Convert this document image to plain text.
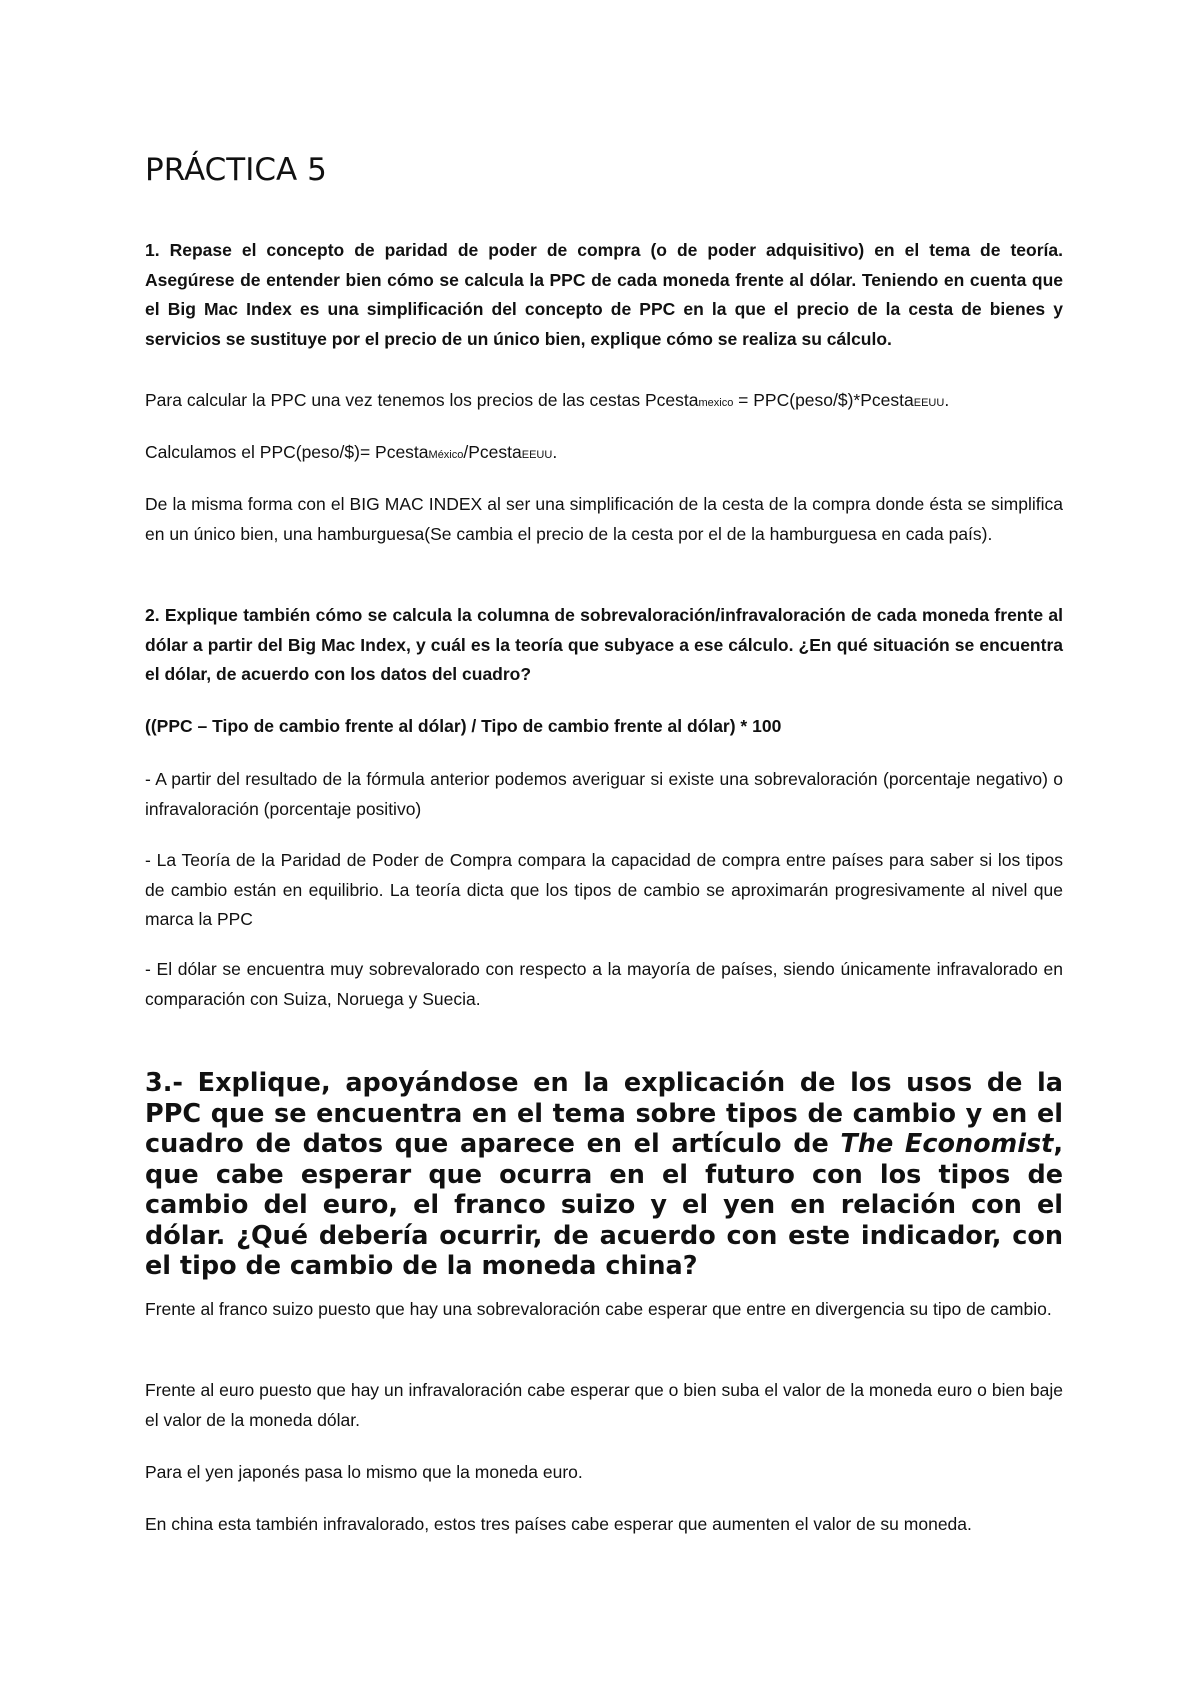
PRÁCTICA 5

1. Repase el concepto de paridad de poder de compra (o de poder adquisitivo) en el tema de teoría. Asegúrese de entender bien cómo se calcula la PPC de cada moneda frente al dólar. Teniendo en cuenta que el Big Mac Index es una simplificación del concepto de PPC en la que el precio de la cesta de bienes y servicios se sustituye por el precio de un único bien, explique cómo se realiza su cálculo.

Para calcular la PPC una vez tenemos los precios de las cestas Pcestamexico = PPC(peso/$)*PcestaEEUU.

Calculamos el PPC(peso/$)= PcestaMéxico/PcestaEEUU.

De la misma forma con el BIG MAC INDEX al ser una simplificación de la cesta de la compra donde ésta se simplifica en un único bien, una hamburguesa(Se cambia el precio de la cesta por el de la hamburguesa en cada país).

2. Explique también cómo se calcula la columna de sobrevaloración/infravaloración de cada moneda frente al dólar a partir del Big Mac Index, y cuál es la teoría que subyace a ese cálculo. ¿En qué situación se encuentra el dólar, de acuerdo con los datos del cuadro?

((PPC – Tipo de cambio frente al dólar) / Tipo de cambio frente al dólar) * 100

- A partir del resultado de la fórmula anterior podemos averiguar si existe una sobrevaloración (porcentaje negativo) o infravaloración (porcentaje positivo)

- La Teoría de la Paridad de Poder de Compra compara la capacidad de compra entre países para saber si los tipos de cambio están en equilibrio. La teoría dicta que los tipos de cambio se aproximarán progresivamente al nivel que marca la PPC

- El dólar se encuentra muy sobrevalorado con respecto a la mayoría de países, siendo únicamente infravalorado en comparación con Suiza, Noruega y Suecia.

3.- Explique, apoyándose en la explicación de los usos de la PPC que se encuentra en el tema sobre tipos de cambio y en el cuadro de datos que aparece en el artículo de The Economist, que cabe esperar que ocurra en el futuro con los tipos de cambio del euro, el franco suizo y el yen en relación con el dólar. ¿Qué debería ocurrir, de acuerdo con este indicador, con el tipo de cambio de la moneda china?

Frente al franco suizo puesto que hay una sobrevaloración cabe esperar que entre en divergencia su tipo de cambio.

Frente al euro puesto que hay un infravaloración cabe esperar que o bien suba el valor de la moneda euro o bien baje el valor de la moneda dólar.

Para el yen japonés pasa lo mismo que la moneda euro.

En china esta también infravalorado, estos tres países cabe esperar que aumenten el valor de su moneda.
